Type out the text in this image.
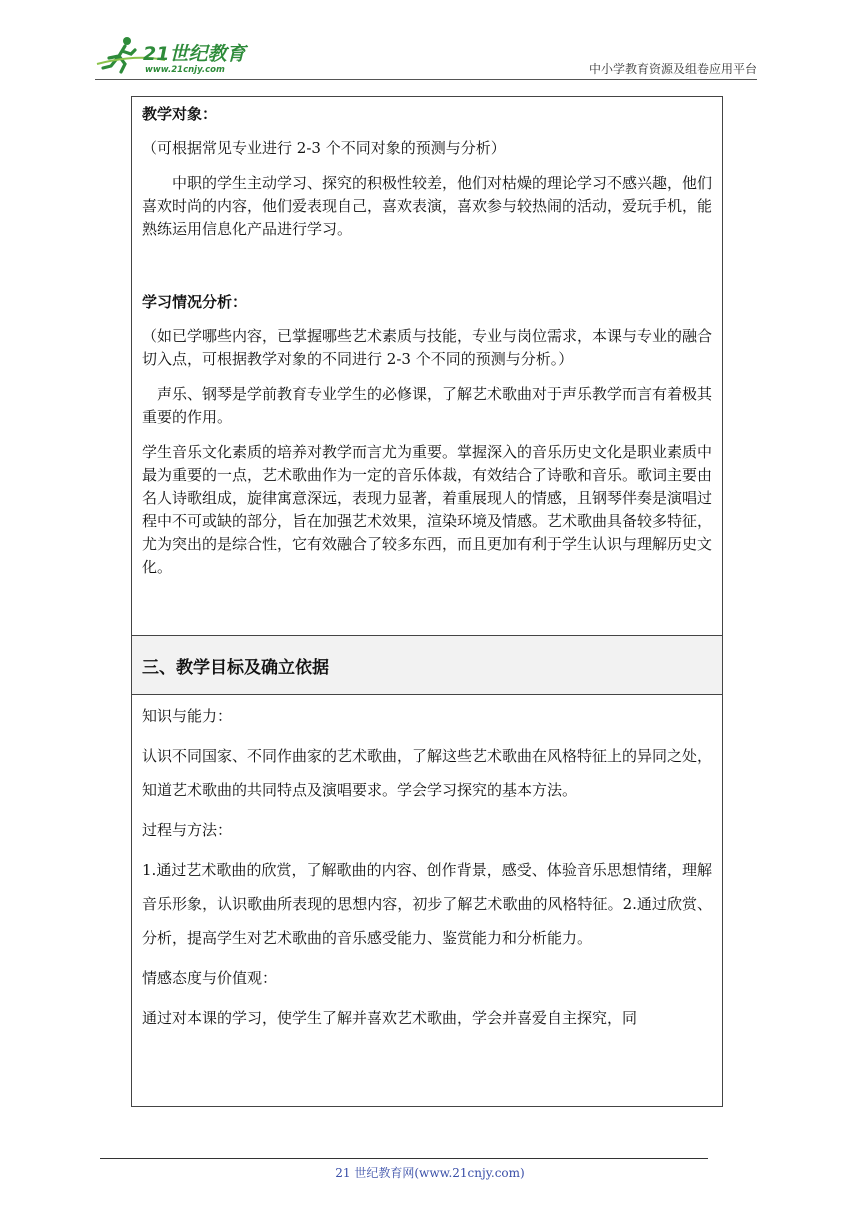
21世纪教育
www.21cnjy.com	中小学教育资源及组卷应用平台

教学对象：

（可根据常见专业进行 2-3 个不同对象的预测与分析）

中职的学生主动学习、探究的积极性较差，他们对枯燥的理论学习不感兴趣，他们喜欢时尚的内容，他们爱表现自己，喜欢表演，喜欢参与较热闹的活动，爱玩手机，能熟练运用信息化产品进行学习。

学习情况分析：

（如已学哪些内容，已掌握哪些艺术素质与技能，专业与岗位需求，本课与专业的融合切入点，可根据教学对象的不同进行 2-3 个不同的预测与分析。）

声乐、钢琴是学前教育专业学生的必修课，了解艺术歌曲对于声乐教学而言有着极其重要的作用。

学生音乐文化素质的培养对教学而言尤为重要。掌握深入的音乐历史文化是职业素质中最为重要的一点，艺术歌曲作为一定的音乐体裁，有效结合了诗歌和音乐。歌词主要由名人诗歌组成，旋律寓意深远，表现力显著，着重展现人的情感，且钢琴伴奏是演唱过程中不可或缺的部分，旨在加强艺术效果，渲染环境及情感。艺术歌曲具备较多特征，尤为突出的是综合性，它有效融合了较多东西，而且更加有利于学生认识与理解历史文化。

三、教学目标及确立依据

知识与能力：

认识不同国家、不同作曲家的艺术歌曲，了解这些艺术歌曲在风格特征上的异同之处，知道艺术歌曲的共同特点及演唱要求。学会学习探究的基本方法。

过程与方法：

1.通过艺术歌曲的欣赏，了解歌曲的内容、创作背景，感受、体验音乐思想情绪，理解音乐形象，认识歌曲所表现的思想内容，初步了解艺术歌曲的风格特征。2.通过欣赏、分析，提高学生对艺术歌曲的音乐感受能力、鉴赏能力和分析能力。

情感态度与价值观：

通过对本课的学习，使学生了解并喜欢艺术歌曲，学会并喜爱自主探究，同

21 世纪教育网(www.21cnjy.com)
